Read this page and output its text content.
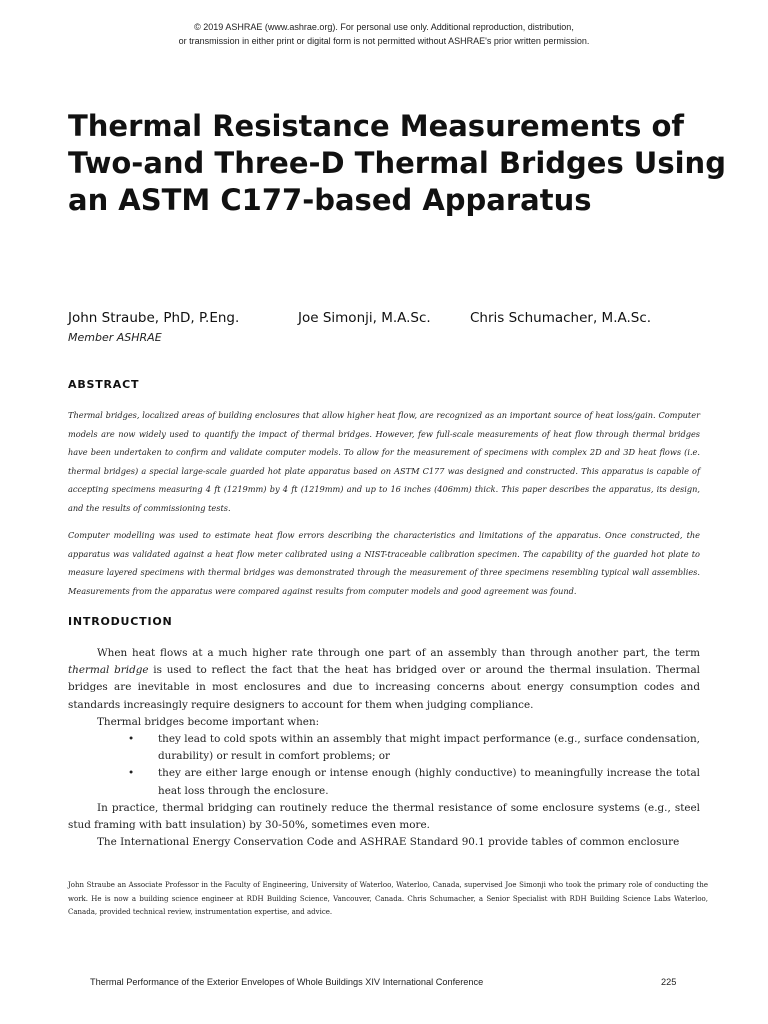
© 2019 ASHRAE (www.ashrae.org). For personal use only. Additional reproduction, distribution,
or transmission in either print or digital form is not permitted without ASHRAE's prior written permission.
Thermal Resistance Measurements of Two-and Three-D Thermal Bridges Using an ASTM C177-based Apparatus
John Straube, PhD, P.Eng.	Joe Simonji, M.A.Sc.	Chris Schumacher, M.A.Sc.
Member ASHRAE
ABSTRACT

Thermal bridges, localized areas of building enclosures that allow higher heat flow, are recognized as an important source of heat loss/gain. Computer models are now widely used to quantify the impact of thermal bridges. However, few full-scale measurements of heat flow through thermal bridges have been undertaken to confirm and validate computer models. To allow for the measurement of specimens with complex 2D and 3D heat flows (i.e. thermal bridges) a special large-scale guarded hot plate apparatus based on ASTM C177 was designed and constructed. This apparatus is capable of accepting specimens measuring 4 ft (1219mm) by 4 ft (1219mm) and up to 16 inches (406mm) thick. This paper describes the apparatus, its design, and the results of commissioning tests.

Computer modelling was used to estimate heat flow errors describing the characteristics and limitations of the apparatus. Once constructed, the apparatus was validated against a heat flow meter calibrated using a NIST-traceable calibration specimen. The capability of the guarded hot plate to measure layered specimens with thermal bridges was demonstrated through the measurement of three specimens resembling typical wall assemblies. Measurements from the apparatus were compared against results from computer models and good agreement was found.

INTRODUCTION

When heat flows at a much higher rate through one part of an assembly than through another part, the term thermal bridge is used to reflect the fact that the heat has bridged over or around the thermal insulation. Thermal bridges are inevitable in most enclosures and due to increasing concerns about energy consumption codes and standards increasingly require designers to account for them when judging compliance.

Thermal bridges become important when:

• they lead to cold spots within an assembly that might impact performance (e.g., surface condensation, durability) or result in comfort problems; or
• they are either large enough or intense enough (highly conductive) to meaningfully increase the total heat loss through the enclosure.

In practice, thermal bridging can routinely reduce the thermal resistance of some enclosure systems (e.g., steel stud framing with batt insulation) by 30-50%, sometimes even more.

The International Energy Conservation Code and ASHRAE Standard 90.1 provide tables of common enclosure

John Straube an Associate Professor in the Faculty of Engineering, University of Waterloo, Waterloo, Canada, supervised Joe Simonji who took the primary role of conducting the work. He is now a building science engineer at RDH Building Science, Vancouver, Canada. Chris Schumacher, a Senior Specialist with RDH Building Science Labs Waterloo, Canada, provided technical review, instrumentation expertise, and advice.

Thermal Performance of the Exterior Envelopes of Whole Buildings XIV International Conference	225
